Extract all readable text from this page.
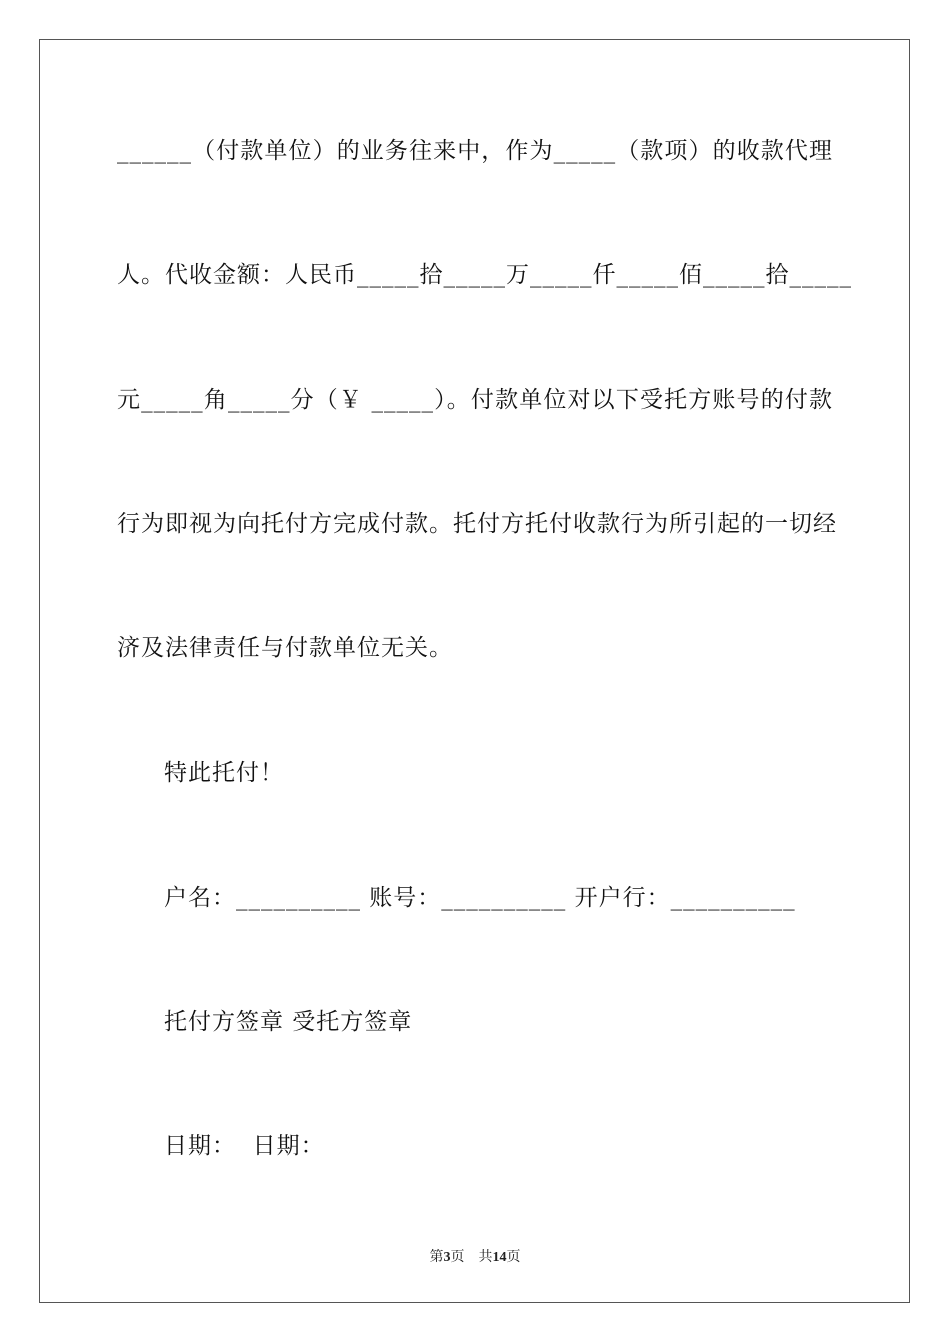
______（付款单位）的业务往来中，作为_____（款项）的收款代理
人。代收金额：人民币_____拾_____万_____仟_____佰_____拾_____
元_____角_____分（￥ _____）。付款单位对以下受托方账号的付款
行为即视为向托付方完成付款。托付方托付收款行为所引起的一切经
济及法律责任与付款单位无关。
特此托付！
户名：__________ 账号：__________ 开户行：__________
托付方签章 受托方签章
日期：  日期：
第3页 共14页
